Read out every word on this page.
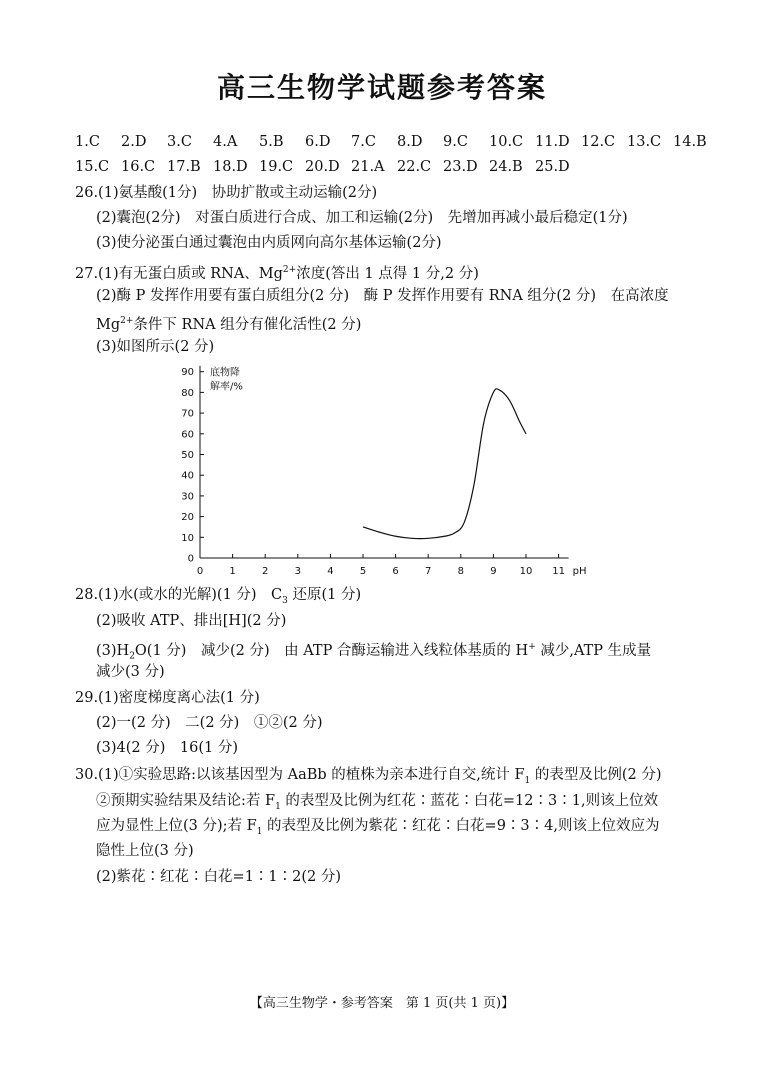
高三生物学试题参考答案
1.C 2.D 3.C 4.A 5.B 6.D 7.C 8.D 9.C 10.C 11.D 12.C 13.C 14.B
15.C 16.C 17.B 18.D 19.C 20.D 21.A 22.C 23.D 24.B 25.D
26.(1)氨基酸(1分)　协助扩散或主动运输(2分)
(2)囊泡(2分)　对蛋白质进行合成、加工和运输(2分)　先增加再减小最后稳定(1分)
(3)使分泌蛋白通过囊泡由内质网向高尔基体运输(2分)
27.(1)有无蛋白质或 RNA、$Mg^{2+}$浓度(答出 1 点得 1 分,2 分)
(2)酶 P 发挥作用要有蛋白质组分(2 分)　酶 P 发挥作用要有 RNA 组分(2 分)　在高浓度
$Mg^{2+}$条件下 RNA 组分有催化活性(2 分)
(3)如图所示(2 分)
0
10
20
30
40
50
60
70
80
90
0	1	2	3	4	5	6	7	8	9 10 11 pH
底物降
解率/%
28.(1)水(或水的光解)(1 分)　$C_3$ 还原(1 分)
(2)吸收 ATP、排出[H](2 分)
$(3)H_2O(1$ 分)　减少(2 分)　由 ATP 合酶运输进入线粒体基质的 H+ 减少,ATP 生成量
减少(3 分)
29.(1)密度梯度离心法(1 分)
(2)一(2 分)　二(2 分)　①②(2 分)
(3)4(2 分)　16(1 分)
30.(1)①实验思路:以该基因型为 AaBb 的植株为亲本进行自交,统计 $F_1$ 的表型及比例(2 分)
②预期实验结果及结论:若 $F_1$ 的表型及比例为红花∶蓝花∶白花=12∶3∶1,则该上位效
应为显性上位(3 分);若 $F_1$ 的表型及比例为紫花∶红花∶白花=9∶3∶4,则该上位效应为
隐性上位(3 分)
(2)紫花∶红花∶白花=1∶1∶2(2 分)
【高三生物学・参考答案　第 1 页(共 1 页)】
